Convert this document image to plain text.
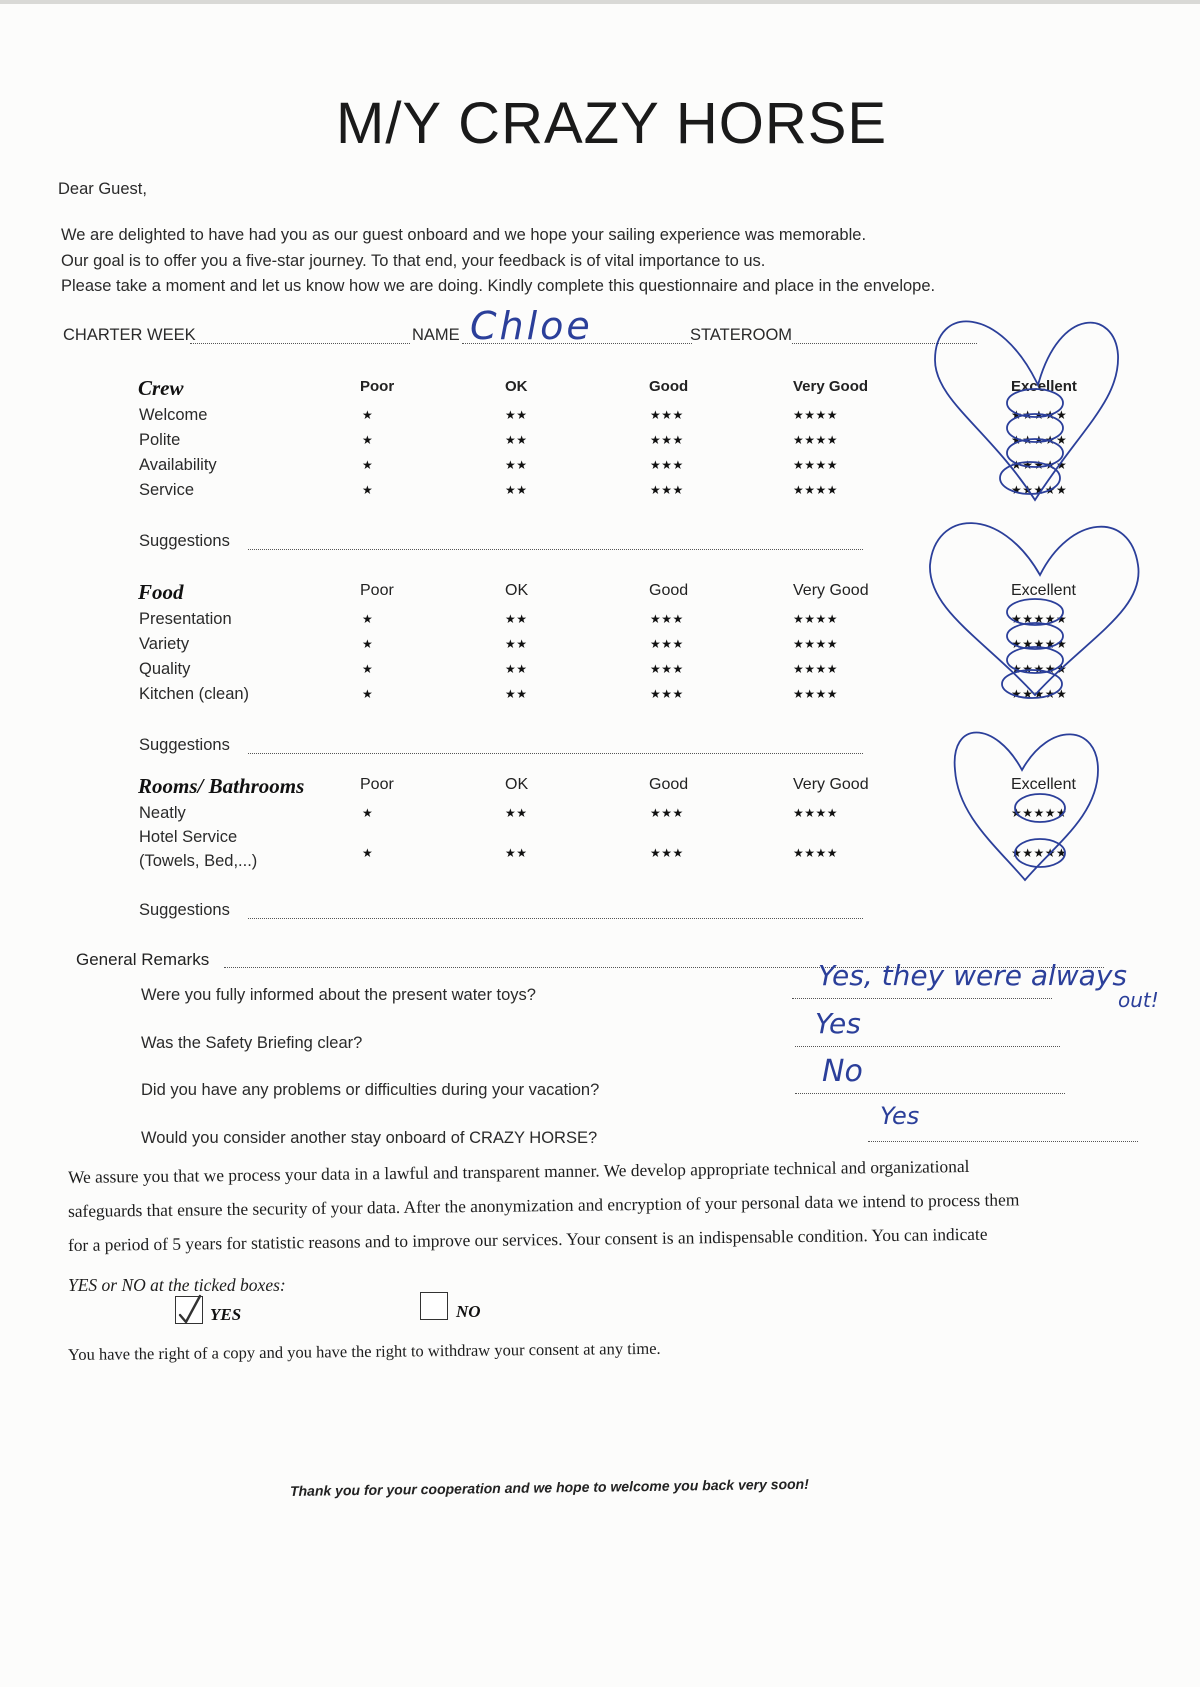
M/Y CRAZY HORSE
Dear Guest,
We are delighted to have had you as our guest onboard and we hope your sailing experience was memorable.
Our goal is to offer you a five-star journey. To that end, your feedback is of vital importance to us.
Please take a moment and let us know how we are doing. Kindly complete this questionnaire and place in the envelope.
CHARTER WEEK	NAME Chloe	STATEROOM
Crew	Poor	OK	Good	Very Good	Excellent
Welcome	★	★★	★★★	★★★★	★★★★★
Polite	★	★★	★★★	★★★★	★★★★★
Availability	★	★★	★★★	★★★★	★★★★★
Service	★	★★	★★★	★★★★	★★★★★
Suggestions
Food	Poor	OK	Good	Very Good	Excellent
Presentation	★	★★	★★★	★★★★	★★★★★
Variety	★	★★	★★★	★★★★	★★★★★
Quality	★	★★	★★★	★★★★	★★★★★
Kitchen (clean)	★	★★	★★★	★★★★	★★★★★
Suggestions
Rooms/ Bathrooms	Poor	OK	Good	Very Good	Excellent
Neatly	★	★★	★★★	★★★★	★★★★★
Hotel Service
(Towels, Bed,...)	★	★★	★★★	★★★★	★★★★★
Suggestions
General Remarks
Were you fully informed about the present water toys?
Yes, they were always
out!
Was the Safety Briefing clear?
Yes
Did you have any problems or difficulties during your vacation?
No
Would you consider another stay onboard of CRAZY HORSE?
Yes
We assure you that we process your data in a lawful and transparent manner. We develop appropriate technical and organizational
safeguards that ensure the security of your data. After the anonymization and encryption of your personal data we intend to process them
for a period of 5 years for statistic reasons and to improve our services. Your consent is an indispensable condition. You can indicate
YES or NO at the ticked boxes:
YES	NO
You have the right of a copy and you have the right to withdraw your consent at any time.
Thank you for your cooperation and we hope to welcome you back very soon!
